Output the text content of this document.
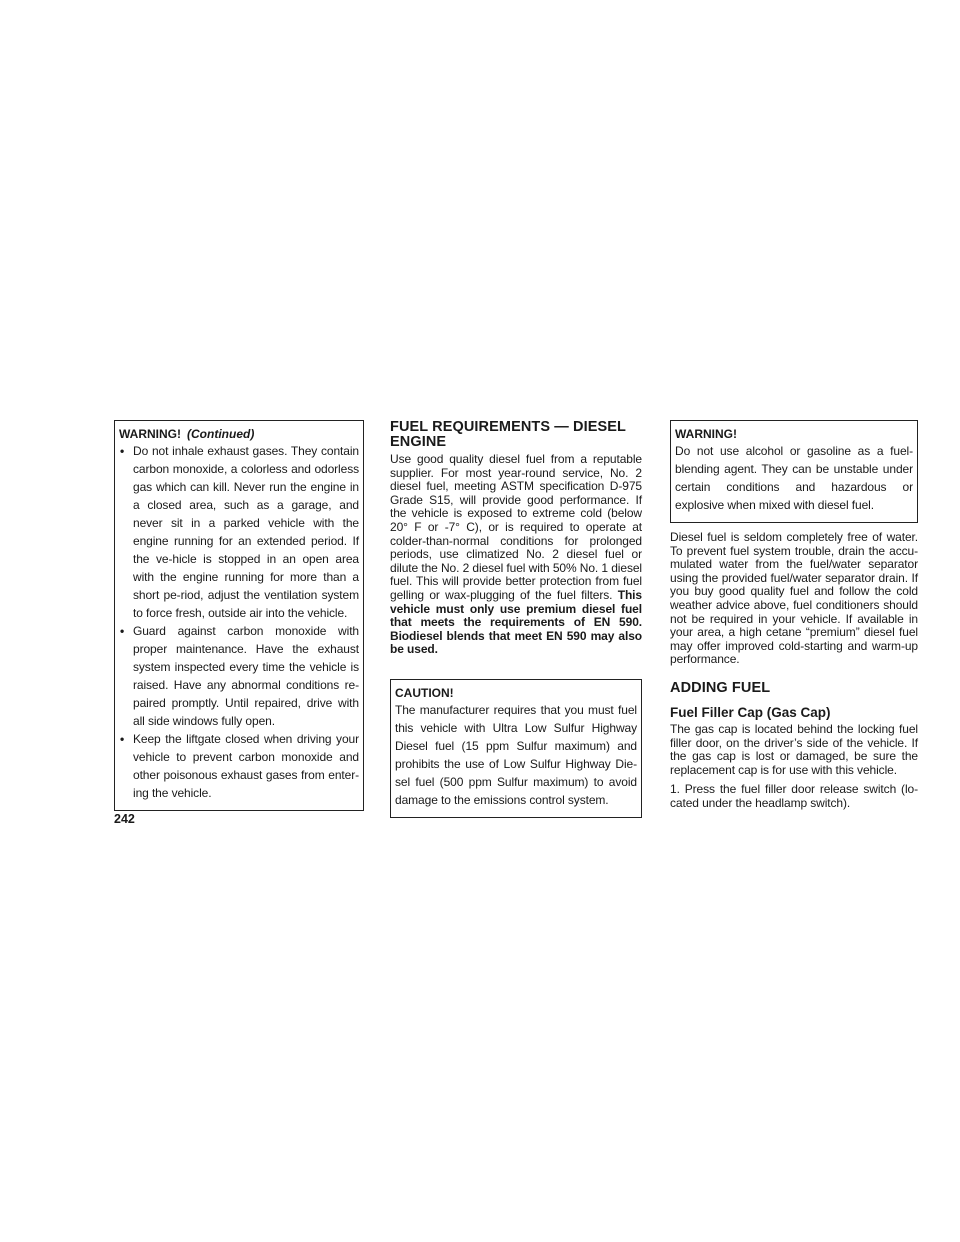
WARNING! (Continued)
• Do not inhale exhaust gases. They contain carbon monoxide, a colorless and odorless gas which can kill. Never run the engine in a closed area, such as a garage, and never sit in a parked vehicle with the engine running for an extended period. If the ve-hicle is stopped in an open area with the engine running for more than a short pe-riod, adjust the ventilation system to force fresh, outside air into the vehicle.
• Guard against carbon monoxide with proper maintenance. Have the exhaust system inspected every time the vehicle is raised. Have any abnormal conditions re-paired promptly. Until repaired, drive with all side windows fully open.
• Keep the liftgate closed when driving your vehicle to prevent carbon monoxide and other poisonous exhaust gases from enter-ing the vehicle.
FUEL REQUIREMENTS — DIESEL
ENGINE

Use good quality diesel fuel from a reputable supplier. For most year-round service, No. 2 diesel fuel, meeting ASTM specification D-975 Grade S15, will provide good performance. If the vehicle is exposed to extreme cold (below 20° F or -7° C), or is required to operate at colder-than-normal conditions for prolonged periods, use climatized No. 2 diesel fuel or dilute the No. 2 diesel fuel with 50% No. 1 diesel fuel. This will provide better protection from fuel gelling or wax-plugging of the fuel filters. This vehicle must only use premium diesel fuel that meets the requirements of EN 590. Biodiesel blends that meet EN 590 may also be used.

CAUTION!
The manufacturer requires that you must fuel this vehicle with Ultra Low Sulfur Highway Diesel fuel (15 ppm Sulfur maximum) and prohibits the use of Low Sulfur Highway Die-sel fuel (500 ppm Sulfur maximum) to avoid damage to the emissions control system.
WARNING!
Do not use alcohol or gasoline as a fuel-blending agent. They can be unstable under certain conditions and hazardous or explosive when mixed with diesel fuel.

Diesel fuel is seldom completely free of water. To prevent fuel system trouble, drain the accu-mulated water from the fuel/water separator using the provided fuel/water separator drain. If you buy good quality fuel and follow the cold weather advice above, fuel conditioners should not be required in your vehicle. If available in your area, a high cetane “premium” diesel fuel may offer improved cold-starting and warm-up performance.

ADDING FUEL
Fuel Filler Cap (Gas Cap)

The gas cap is located behind the locking fuel filler door, on the driver’s side of the vehicle. If the gas cap is lost or damaged, be sure the replacement cap is for use with this vehicle.

1. Press the fuel filler door release switch (lo-cated under the headlamp switch).

242
